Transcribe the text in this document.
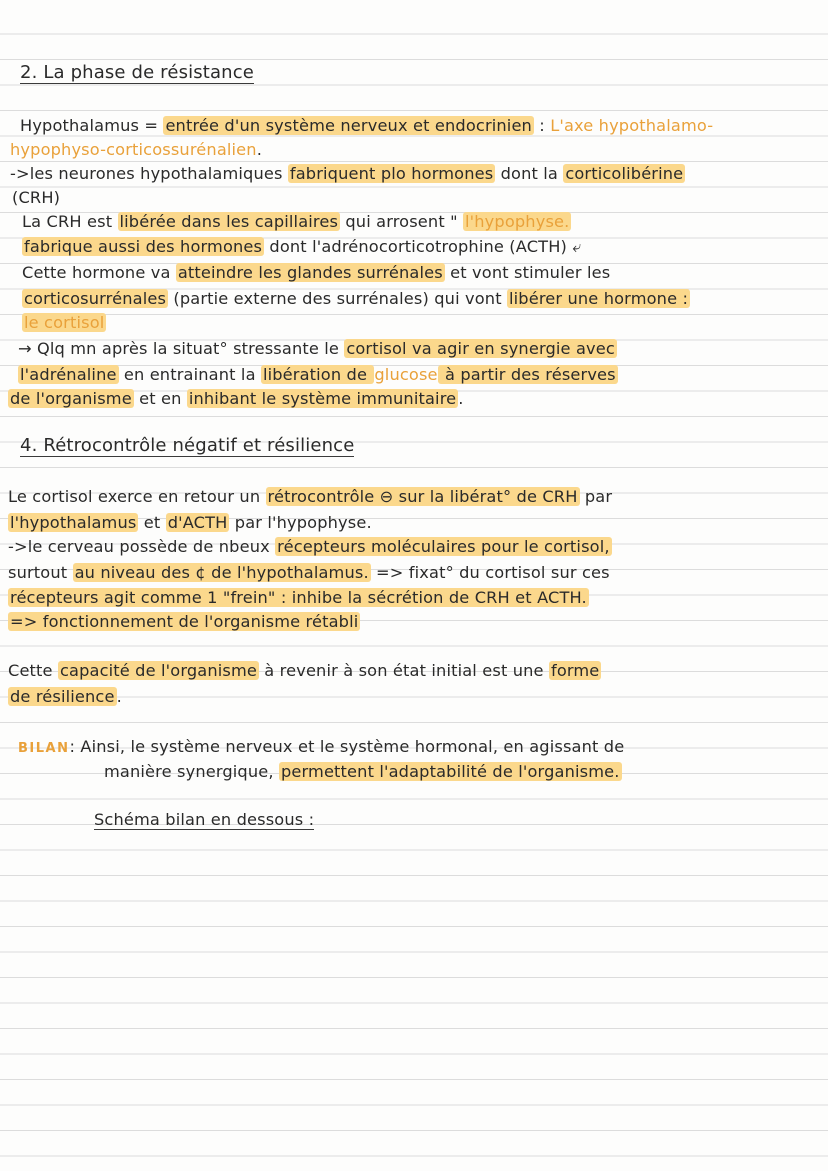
2. La phase de résistance
Hypothalamus = entrée d'un système nerveux et endocrinien : L'axe hypothalamo-
hypophyso-corticossurénalien.
->les neurones hypothalamiques fabriquent plo hormones dont la corticolibérine
(CRH)
La CRH est libérée dans les capillaires qui arrosent " l'hypophyse.
fabrique aussi des hormones dont l'adrénocorticotrophine (ACTH) ⤶
Cette hormone va atteindre les glandes surrénales et vont stimuler les
corticosurrénales (partie externe des surrénales) qui vont libérer une hormone :
le cortisol
→ Qlq mn après la situat° stressante le cortisol va agir en synergie avec
l'adrénaline en entrainant la libération de glucose à partir des réserves
de l'organisme et en inhibant le système immunitaire .
4. Rétrocontrôle négatif et résilience
Le cortisol exerce en retour un rétrocontrôle ⊖ sur la libérat° de CRH par
l'hypothalamus et d'ACTH par l'hypophyse.
->le cerveau possède de nbeux récepteurs moléculaires pour le cortisol,
surtout au niveau des ¢ de l'hypothalamus. => fixat° du cortisol sur ces
récepteurs agit comme 1 "frein" : inhibe la sécrétion de CRH et ACTH.
=> fonctionnement de l'organisme rétabli
Cette capacité de l'organisme à revenir à son état initial est une forme
de résilience .
BILAN: Ainsi, le système nerveux et le système hormonal, en agissant de
manière synergique, permettent l'adaptabilité de l'organisme.
Schéma bilan en dessous :
